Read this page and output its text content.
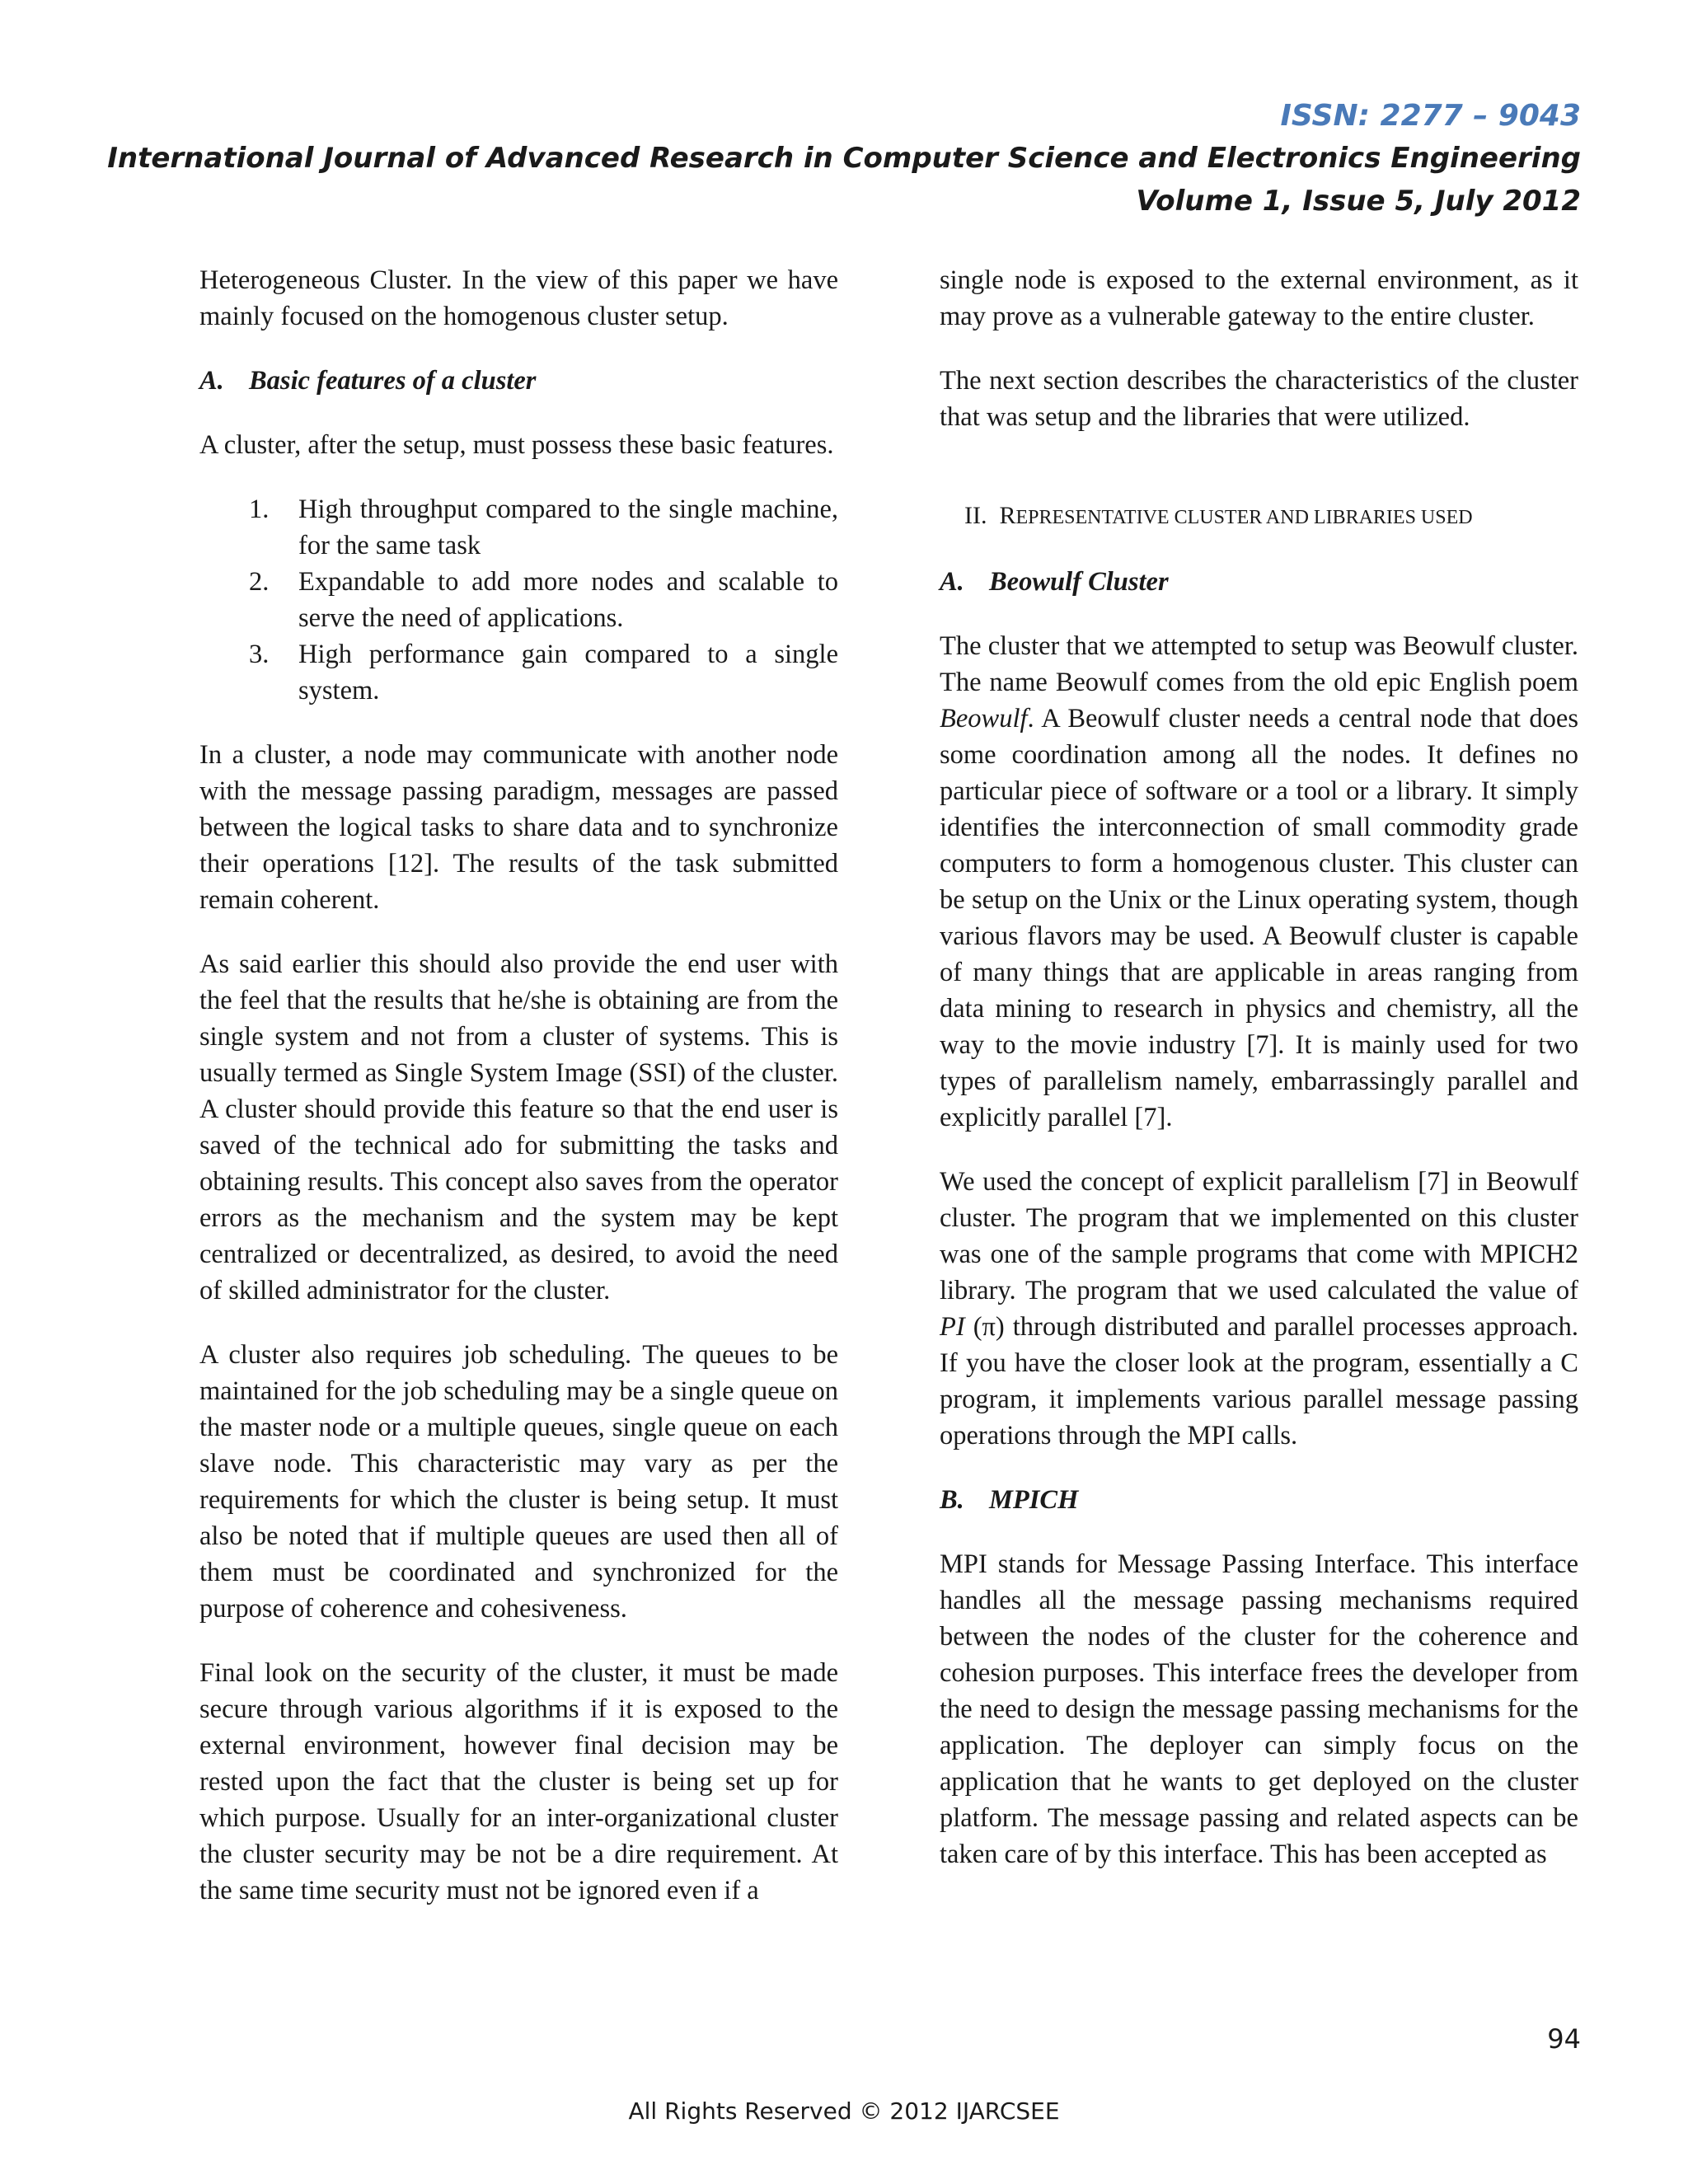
ISSN: 2277 – 9043
International Journal of Advanced Research in Computer Science and Electronics Engineering
Volume 1, Issue 5, July 2012

Heterogeneous Cluster. In the view of this paper we have mainly focused on the homogenous cluster setup.

A. Basic features of a cluster

A cluster, after the setup, must possess these basic features.

1. High throughput compared to the single machine, for the same task
2. Expandable to add more nodes and scalable to serve the need of applications.
3. High performance gain compared to a single system.

In a cluster, a node may communicate with another node with the message passing paradigm, messages are passed between the logical tasks to share data and to synchronize their operations [12]. The results of the task submitted remain coherent.

As said earlier this should also provide the end user with the feel that the results that he/she is obtaining are from the single system and not from a cluster of systems. This is usually termed as Single System Image (SSI) of the cluster. A cluster should provide this feature so that the end user is saved of the technical ado for submitting the tasks and obtaining results. This concept also saves from the operator errors as the mechanism and the system may be kept centralized or decentralized, as desired, to avoid the need of skilled administrator for the cluster.

A cluster also requires job scheduling. The queues to be maintained for the job scheduling may be a single queue on the master node or a multiple queues, single queue on each slave node. This characteristic may vary as per the requirements for which the cluster is being setup. It must also be noted that if multiple queues are used then all of them must be coordinated and synchronized for the purpose of coherence and cohesiveness.

Final look on the security of the cluster, it must be made secure through various algorithms if it is exposed to the external environment, however final decision may be rested upon the fact that the cluster is being set up for which purpose. Usually for an inter-organizational cluster the cluster security may be not be a dire requirement. At the same time security must not be ignored even if a

single node is exposed to the external environment, as it may prove as a vulnerable gateway to the entire cluster.

The next section describes the characteristics of the cluster that was setup and the libraries that were utilized.

II. REPRESENTATIVE CLUSTER AND LIBRARIES USED
A. Beowulf Cluster

The cluster that we attempted to setup was Beowulf cluster. The name Beowulf comes from the old epic English poem Beowulf. A Beowulf cluster needs a central node that does some coordination among all the nodes. It defines no particular piece of software or a tool or a library. It simply identifies the interconnection of small commodity grade computers to form a homogenous cluster. This cluster can be setup on the Unix or the Linux operating system, though various flavors may be used. A Beowulf cluster is capable of many things that are applicable in areas ranging from data mining to research in physics and chemistry, all the way to the movie industry [7]. It is mainly used for two types of parallelism namely, embarrassingly parallel and explicitly parallel [7].

We used the concept of explicit parallelism [7] in Beowulf cluster. The program that we implemented on this cluster was one of the sample programs that come with MPICH2 library. The program that we used calculated the value of PI (π) through distributed and parallel processes approach. If you have the closer look at the program, essentially a C program, it implements various parallel message passing operations through the MPI calls.

B. MPICH

MPI stands for Message Passing Interface. This interface handles all the message passing mechanisms required between the nodes of the cluster for the coherence and cohesion purposes. This interface frees the developer from the need to design the message passing mechanisms for the application. The deployer can simply focus on the application that he wants to get deployed on the cluster platform. The message passing and related aspects can be taken care of by this interface. This has been accepted as

94
All Rights Reserved © 2012 IJARCSEE
